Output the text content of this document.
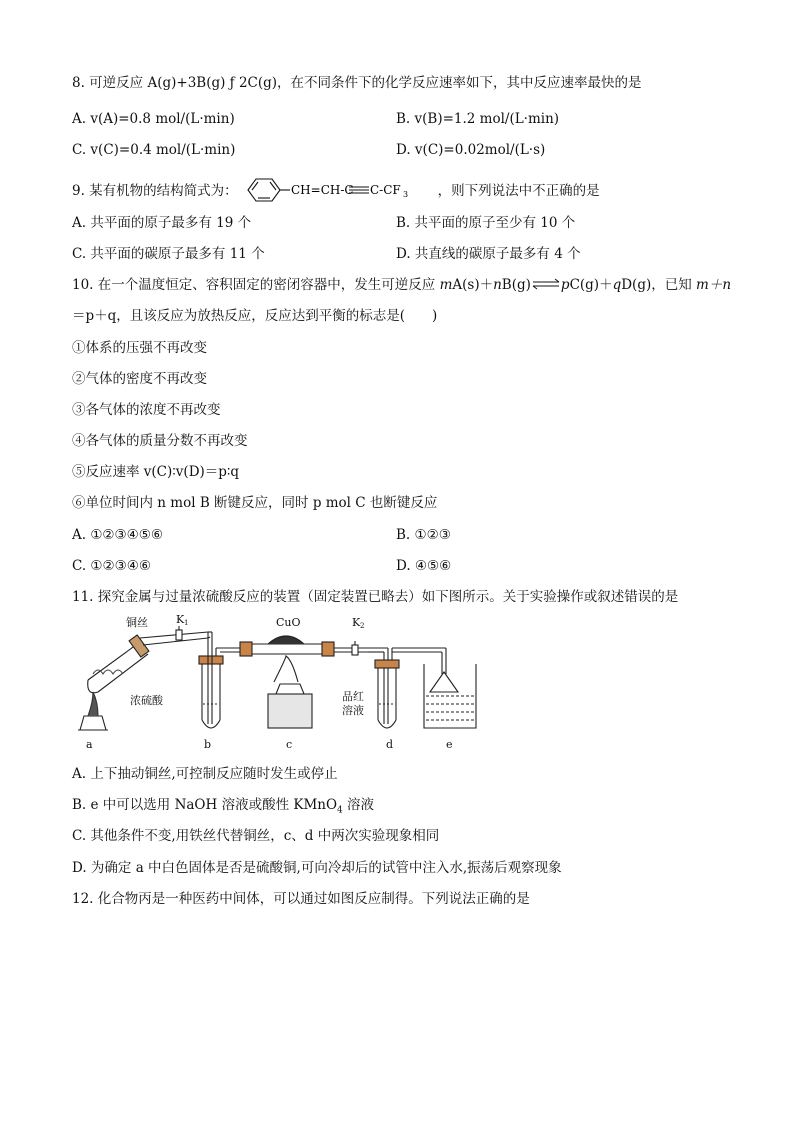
8. 可逆反应 A(g)+3B(g) ƒ 2C(g)，在不同条件下的化学反应速率如下，其中反应速率最快的是
A. v(A)=0.8 mol/(L·min)	B. v(B)=1.2 mol/(L·min)
C. v(C)=0.4 mol/(L·min)	D. v(C)=0.02mol/(L·s)
9. 某有机物的结构简式为：	CH=CH-C C-CF 3 ，则下列说法中不正确的是
A. 共平面的原子最多有 19 个	B. 共平面的原子至少有 10 个
C. 共平面的碳原子最多有 11 个	D. 共直线的碳原子最多有 4 个
10. 在一个温度恒定、容积固定的密闭容器中，发生可逆反应 mA(s)＋nB(g)⇌pC(g)＋qD(g)，已知 m＋n
＝p＋q，且该反应为放热反应，反应达到平衡的标志是(　　)
①体系的压强不再改变
②气体的密度不再改变
③各气体的浓度不再改变
④各气体的质量分数不再改变
⑤反应速率 v(C)∶v(D)＝p∶q
⑥单位时间内 n mol B 断键反应，同时 p mol C 也断键反应
A. ①②③④⑤⑥	B. ①②③
C. ①②③④⑥	D. ④⑤⑥
11. 探究金属与过量浓硫酸反应的装置（固定装置已略去）如下图所示。关于实验操作或叙述错误的是
铜丝	K 1	CuO	K 2
浓硫酸	品红
溶液
a	b	c	d	e
A. 上下抽动铜丝,可控制反应随时发生或停止
B. e 中可以选用 NaOH 溶液或酸性 KMnO$_4$ 溶液
C. 其他条件不变,用铁丝代替铜丝，c、d 中两次实验现象相同
D. 为确定 a 中白色固体是否是硫酸铜,可向冷却后的试管中注入水,振荡后观察现象
12. 化合物丙是一种医药中间体，可以通过如图反应制得。下列说法正确的是
